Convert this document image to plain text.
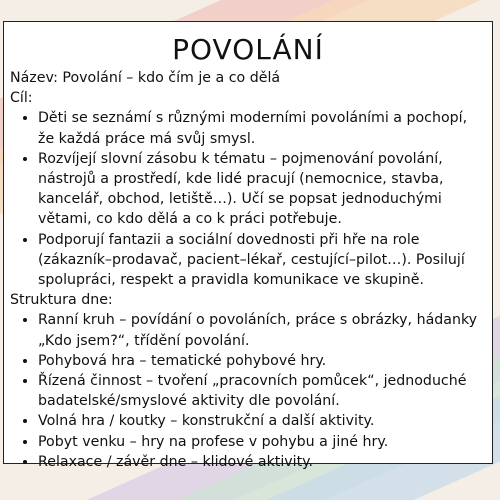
POVOLÁNÍ

Název: Povolání – kdo čím je a co dělá

Cíl:

• Děti se seznámí s různými moderními povoláními a pochopí, že každá práce má svůj smysl.
• Rozvíjejí slovní zásobu k tématu – pojmenování povolání, nástrojů a prostředí, kde lidé pracují (nemocnice, stavba, kancelář, obchod, letiště…). Učí se popsat jednoduchými větami, co kdo dělá a co k práci potřebuje.
• Podporují fantazii a sociální dovednosti při hře na role (zákazník–prodavač, pacient–lékař, cestující–pilot…). Posilují spolupráci, respekt a pravidla komunikace ve skupině.

Struktura dne:

• Ranní kruh – povídání o povoláních, práce s obrázky, hádanky „Kdo jsem?“, třídění povolání.
• Pohybová hra – tematické pohybové hry.
• Řízená činnost – tvoření „pracovních pomůcek“, jednoduché badatelské/smyslové aktivity dle povolání.
• Volná hra / koutky – konstrukční a další aktivity.
• Pobyt venku – hry na profese v pohybu a jiné hry.
• Relaxace / závěr dne – klidové aktivity.
